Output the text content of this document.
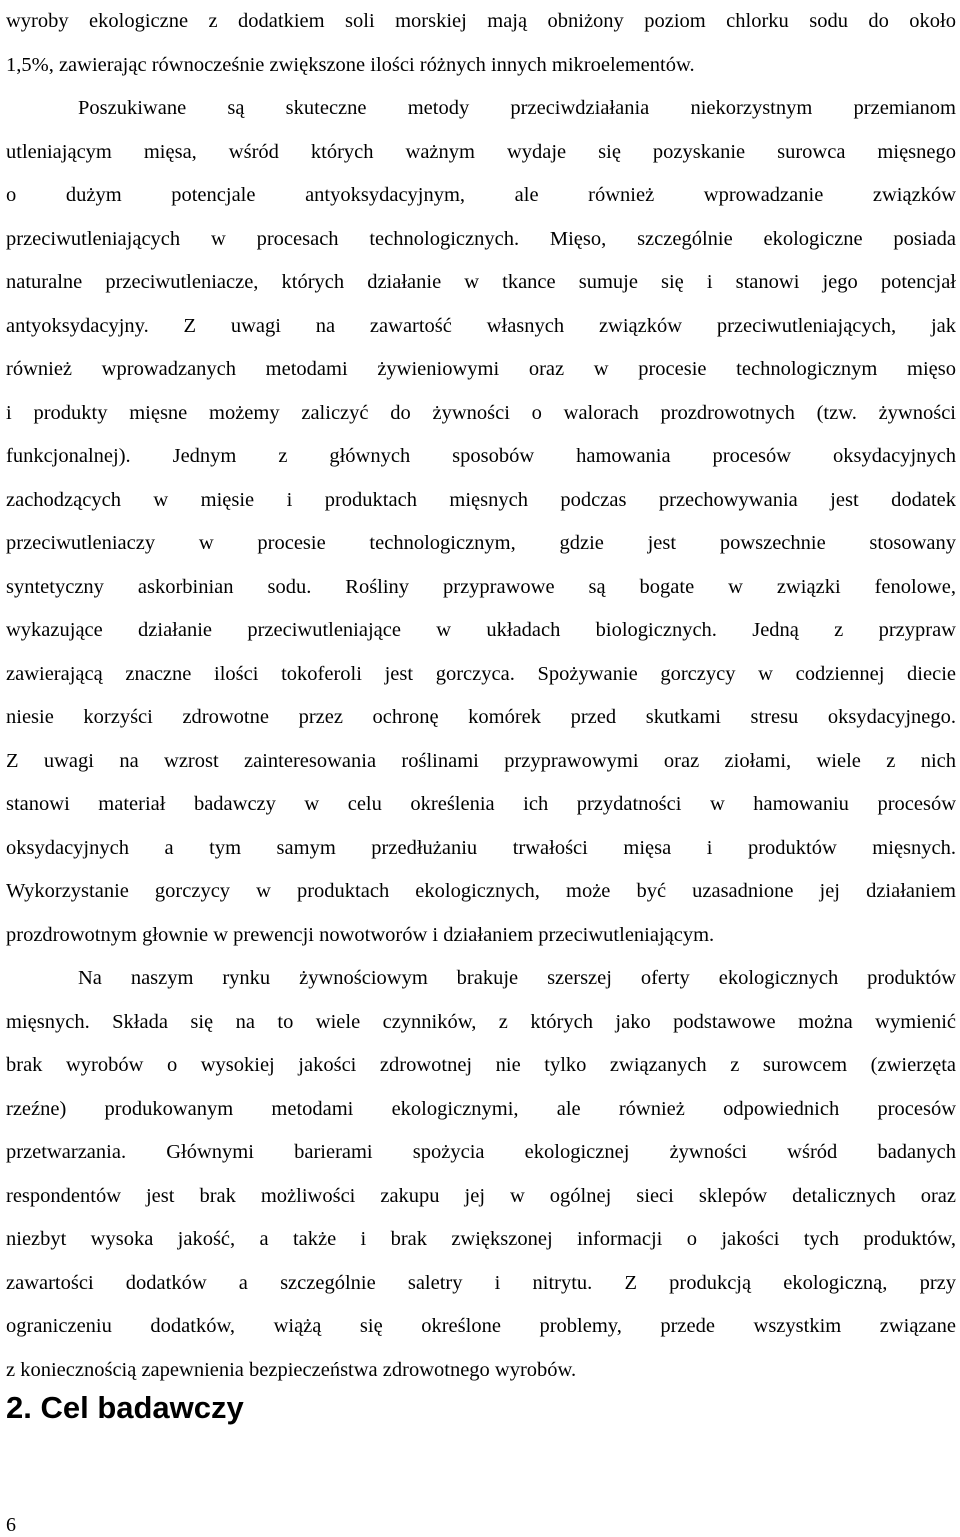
wyroby ekologiczne z dodatkiem soli morskiej mają obniżony poziom chlorku sodu do około
1,5%, zawierając równocześnie zwiększone ilości różnych innych mikroelementów.
Poszukiwane są skuteczne metody przeciwdziałania niekorzystnym przemianom
utleniającym mięsa, wśród których ważnym wydaje się pozyskanie surowca mięsnego
o dużym potencjale antyoksydacyjnym, ale również wprowadzanie związków
przeciwutleniających w procesach technologicznych. Mięso, szczególnie ekologiczne posiada
naturalne przeciwutleniacze, których działanie w tkance sumuje się i stanowi jego potencjał
antyoksydacyjny. Z uwagi na zawartość własnych związków przeciwutleniających, jak
również wprowadzanych metodami żywieniowymi oraz w procesie technologicznym mięso
i produkty mięsne możemy zaliczyć do żywności o walorach prozdrowotnych (tzw. żywności
funkcjonalnej). Jednym z głównych sposobów hamowania procesów oksydacyjnych
zachodzących w mięsie i produktach mięsnych podczas przechowywania jest dodatek
przeciwutleniaczy w procesie technologicznym, gdzie jest powszechnie stosowany
syntetyczny askorbinian sodu. Rośliny przyprawowe są bogate w związki fenolowe,
wykazujące działanie przeciwutleniające w układach biologicznych. Jedną z przypraw
zawierającą znaczne ilości tokoferoli jest gorczyca. Spożywanie gorczycy w codziennej diecie
niesie korzyści zdrowotne przez ochronę komórek przed skutkami stresu oksydacyjnego.
Z uwagi na wzrost zainteresowania roślinami przyprawowymi oraz ziołami, wiele z nich
stanowi materiał badawczy w celu określenia ich przydatności w hamowaniu procesów
oksydacyjnych a tym samym przedłużaniu trwałości mięsa i produktów mięsnych.
Wykorzystanie gorczycy w produktach ekologicznych, może być uzasadnione jej działaniem
prozdrowotnym głownie w prewencji nowotworów i działaniem przeciwutleniającym.
Na naszym rynku żywnościowym brakuje szerszej oferty ekologicznych produktów
mięsnych. Składa się na to wiele czynników, z których jako podstawowe można wymienić
brak wyrobów o wysokiej jakości zdrowotnej nie tylko związanych z surowcem (zwierzęta
rzeźne) produkowanym metodami ekologicznymi, ale również odpowiednich procesów
przetwarzania. Głównymi barierami spożycia ekologicznej żywności wśród badanych
respondentów jest brak możliwości zakupu jej w ogólnej sieci sklepów detalicznych oraz
niezbyt wysoka jakość, a także i brak zwiększonej informacji o jakości tych produktów,
zawartości dodatków a szczególnie saletry i nitrytu. Z produkcją ekologiczną, przy
ograniczeniu dodatków, wiążą się określone problemy, przede wszystkim związane
z koniecznością zapewnienia bezpieczeństwa zdrowotnego wyrobów.
2. Cel badawczy
6
